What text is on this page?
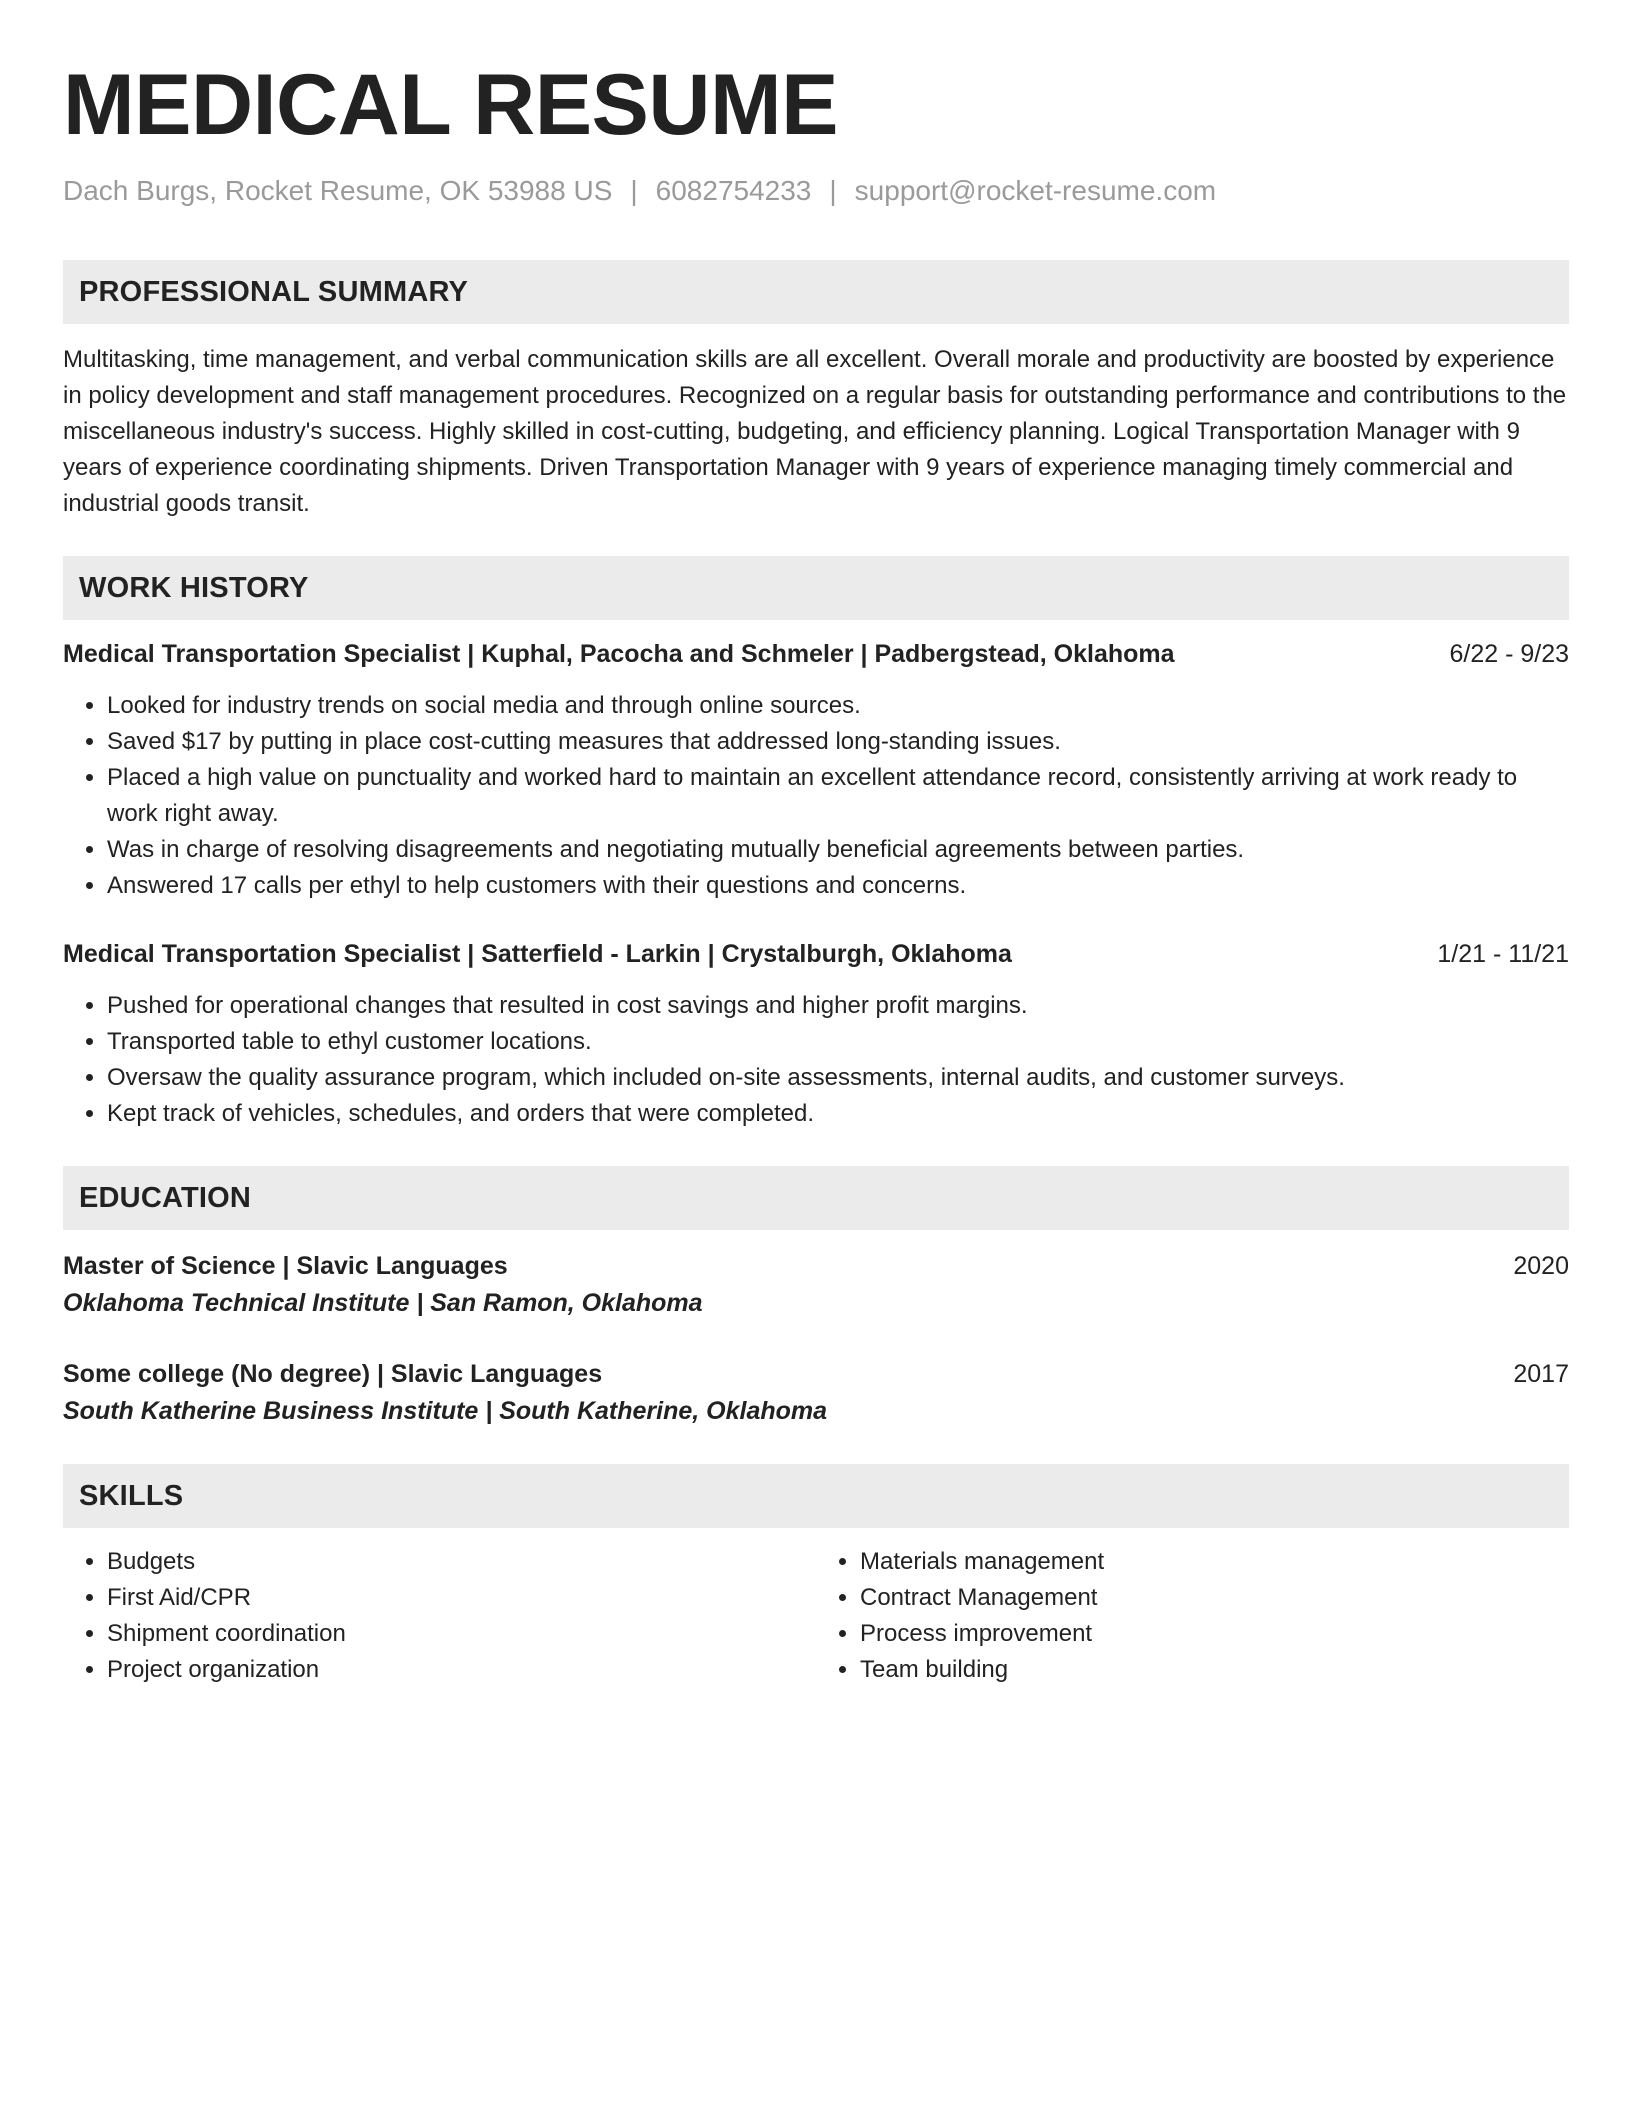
MEDICAL RESUME
Dach Burgs, Rocket Resume, OK 53988 US | 6082754233 | support@rocket-resume.com
PROFESSIONAL SUMMARY

Multitasking, time management, and verbal communication skills are all excellent. Overall morale and productivity are boosted by experience in policy development and staff management procedures. Recognized on a regular basis for outstanding performance and contributions to the miscellaneous industry's success. Highly skilled in cost-cutting, budgeting, and efficiency planning. Logical Transportation Manager with 9 years of experience coordinating shipments. Driven Transportation Manager with 9 years of experience managing timely commercial and industrial goods transit.

WORK HISTORY
Medical Transportation Specialist | Kuphal, Pacocha and Schmeler | Padbergstead, Oklahoma	6/22 - 9/23
• Looked for industry trends on social media and through online sources.
• Saved $17 by putting in place cost-cutting measures that addressed long-standing issues.
• Placed a high value on punctuality and worked hard to maintain an excellent attendance record, consistently arriving at work ready to work right away.
• Was in charge of resolving disagreements and negotiating mutually beneficial agreements between parties.
• Answered 17 calls per ethyl to help customers with their questions and concerns.
Medical Transportation Specialist | Satterfield - Larkin | Crystalburgh, Oklahoma	1/21 - 11/21
• Pushed for operational changes that resulted in cost savings and higher profit margins.
• Transported table to ethyl customer locations.
• Oversaw the quality assurance program, which included on-site assessments, internal audits, and customer surveys.
• Kept track of vehicles, schedules, and orders that were completed.
EDUCATION
Master of Science | Slavic Languages	2020
Oklahoma Technical Institute | San Ramon, Oklahoma
Some college (No degree) | Slavic Languages	2017
South Katherine Business Institute | South Katherine, Oklahoma
SKILLS
• Budgets
• First Aid/CPR
• Shipment coordination
• Project organization
• Materials management
• Contract Management
• Process improvement
• Team building
